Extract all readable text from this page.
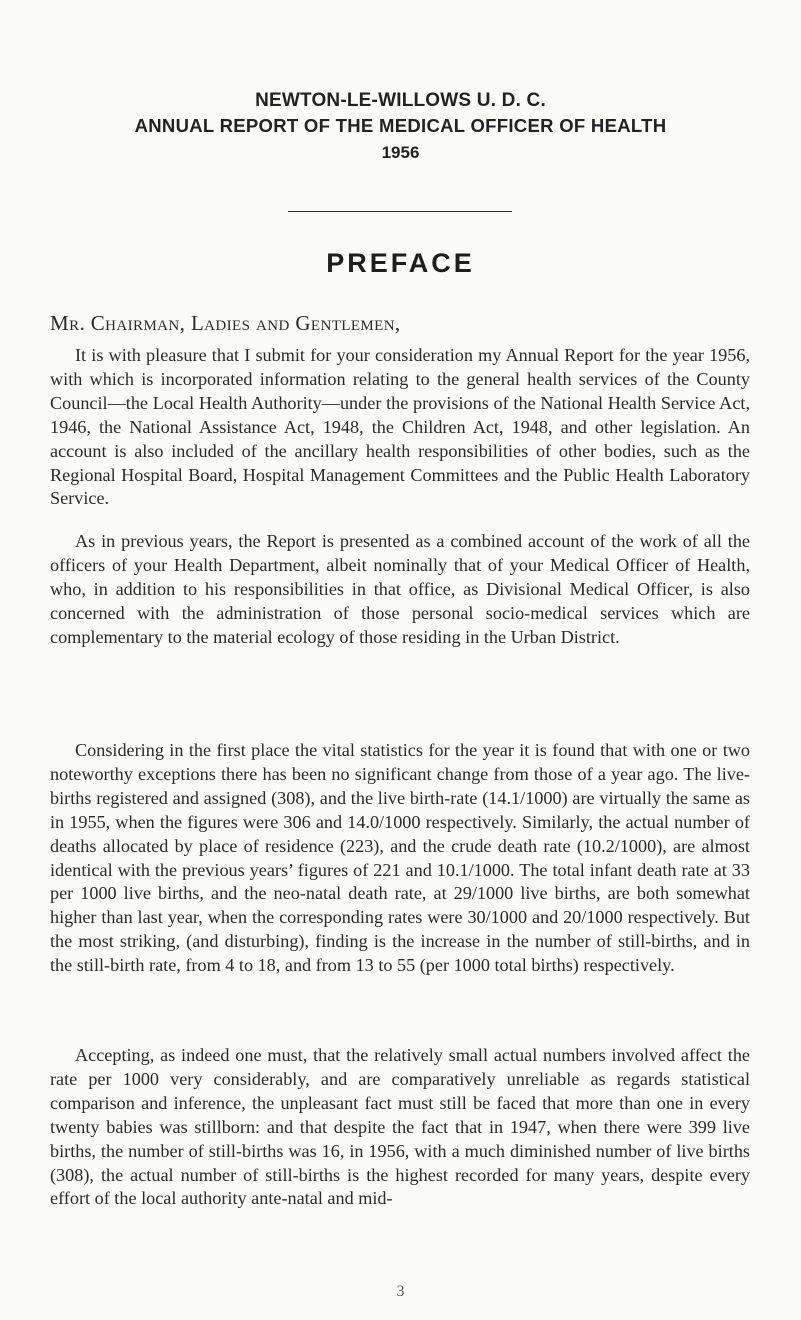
NEWTON-LE-WILLOWS U. D. C.
ANNUAL REPORT OF THE MEDICAL OFFICER OF HEALTH
1956
PREFACE
Mr. Chairman, Ladies and Gentlemen,

It is with pleasure that I submit for your consideration my Annual Report for the year 1956, with which is incorporated information relating to the general health services of the County Council—the Local Health Authority—under the provisions of the National Health Service Act, 1946, the National Assistance Act, 1948, the Children Act, 1948, and other legislation. An account is also included of the ancillary health responsibilities of other bodies, such as the Regional Hospital Board, Hospital Management Committees and the Public Health Laboratory Service.

As in previous years, the Report is presented as a combined account of the work of all the officers of your Health Department, albeit nominally that of your Medical Officer of Health, who, in addition to his responsibilities in that office, as Divisional Medical Officer, is also concerned with the administration of those personal socio-medical services which are complementary to the material ecology of those residing in the Urban District.

Considering in the first place the vital statistics for the year it is found that with one or two noteworthy exceptions there has been no significant change from those of a year ago. The live-births registered and assigned (308), and the live birth-rate (14.1/1000) are virtually the same as in 1955, when the figures were 306 and 14.0/1000 respectively. Similarly, the actual number of deaths allocated by place of residence (223), and the crude death rate (10.2/1000), are almost identical with the previous years’ figures of 221 and 10.1/1000. The total infant death rate at 33 per 1000 live births, and the neo-natal death rate, at 29/1000 live births, are both somewhat higher than last year, when the corresponding rates were 30/1000 and 20/1000 respectively. But the most striking, (and disturbing), finding is the increase in the number of still-births, and in the still-birth rate, from 4 to 18, and from 13 to 55 (per 1000 total births) respectively.

Accepting, as indeed one must, that the relatively small actual numbers involved affect the rate per 1000 very considerably, and are comparatively unreliable as regards statistical comparison and inference, the unpleasant fact must still be faced that more than one in every twenty babies was stillborn: and that despite the fact that in 1947, when there were 399 live births, the number of still-births was 16, in 1956, with a much diminished number of live births (308), the actual number of still-births is the highest recorded for many years, despite every effort of the local authority ante-natal and mid-

3
